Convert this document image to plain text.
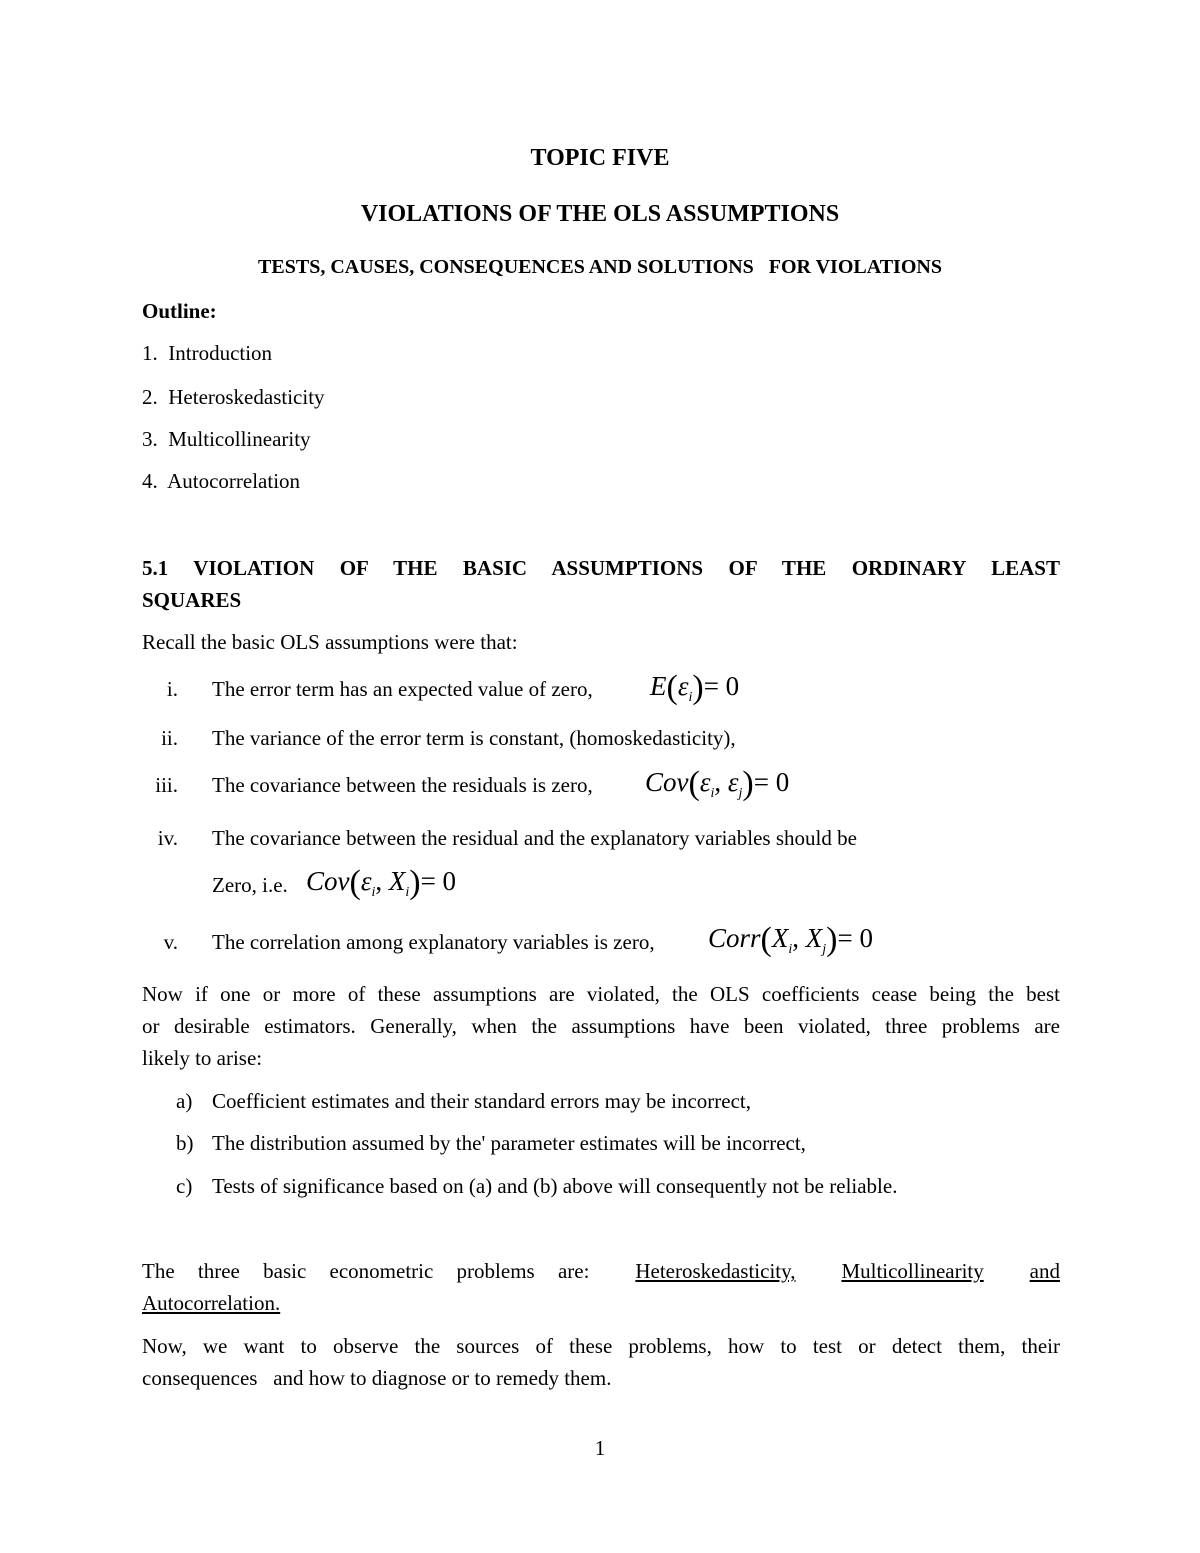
TOPIC FIVE
VIOLATIONS OF THE OLS ASSUMPTIONS
TESTS, CAUSES, CONSEQUENCES AND SOLUTIONS   FOR VIOLATIONS
Outline:
1. Introduction
2. Heteroskedasticity
3. Multicollinearity
4. Autocorrelation
5.1 VIOLATION OF THE BASIC ASSUMPTIONS OF THE ORDINARY LEAST
SQUARES
Recall the basic OLS assumptions were that:
i. The error term has an expected value of zero, $E(\varepsilon_i)= 0$
ii. The variance of the error term is constant, (homoskedasticity),
iii. The covariance between the residuals is zero, $Cov(\varepsilon_i$, $\varepsilon_j)= 0$
iv. The covariance between the residual and the explanatory variables should be
Zero, i.e. $Cov(\varepsilon_i$, $X_i)= 0$
v. The correlation among explanatory variables is zero, $Corr(X_i$, $X_j)= 0$
Now if one or more of these assumptions are violated, the OLS coefficients cease being the best
or desirable estimators. Generally, when the assumptions have been violated, three problems are
likely to arise:
a) Coefficient estimates and their standard errors may be incorrect,
b) The distribution assumed by the' parameter estimates will be incorrect,
c) Tests of significance based on (a) and (b) above will consequently not be reliable.
The three basic econometric problems are: Heteroskedasticity, Multicollinearity and
Autocorrelation.
Now, we want to observe the sources of these problems, how to test or detect them, their
consequences   and how to diagnose or to remedy them.
1
